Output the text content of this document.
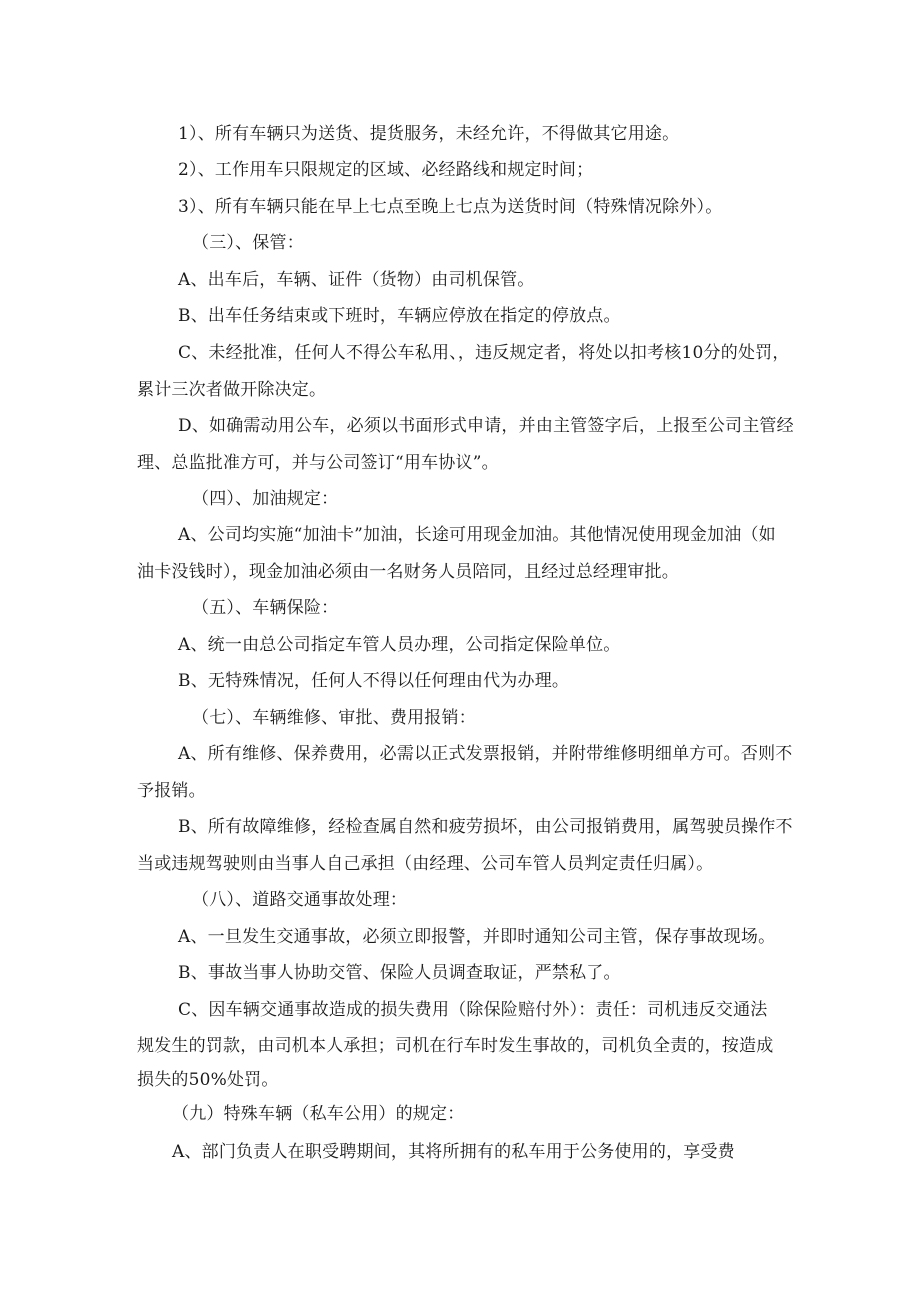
1）、所有车辆只为送货、提货服务，未经允许，不得做其它用途。
2）、工作用车只限规定的区域、必经路线和规定时间；
3）、所有车辆只能在早上七点至晚上七点为送货时间（特殊情况除外）。
（三）、保管：
A、出车后，车辆、证件（货物）由司机保管。
B、出车任务结束或下班时，车辆应停放在指定的停放点。
C、未经批准，任何人不得公车私用、，违反规定者，将处以扣考核10分的处罚，
累计三次者做开除决定。
D、如确需动用公车，必须以书面形式申请，并由主管签字后，上报至公司主管经
理、总监批准方可，并与公司签订“用车协议”。
（四）、加油规定：
A、公司均实施“加油卡”加油，长途可用现金加油。其他情况使用现金加油（如
油卡没钱时），现金加油必须由一名财务人员陪同，且经过总经理审批。
（五）、车辆保险：
A、统一由总公司指定车管人员办理，公司指定保险单位。
B、无特殊情况，任何人不得以任何理由代为办理。
（七）、车辆维修、审批、费用报销：
A、所有维修、保养费用，必需以正式发票报销，并附带维修明细单方可。否则不
予报销。
B、所有故障维修，经检查属自然和疲劳损坏，由公司报销费用，属驾驶员操作不
当或违规驾驶则由当事人自己承担（由经理、公司车管人员判定责任归属）。
（八）、道路交通事故处理：
A、一旦发生交通事故，必须立即报警，并即时通知公司主管，保存事故现场。
B、事故当事人协助交管、保险人员调查取证，严禁私了。
C、因车辆交通事故造成的损失费用（除保险赔付外）：责任：司机违反交通法
规发生的罚款，由司机本人承担；司机在行车时发生事故的，司机负全责的，按造成
损失的50%处罚。
（九）特殊车辆（私车公用）的规定：
A、部门负责人在职受聘期间，其将所拥有的私车用于公务使用的，享受费
